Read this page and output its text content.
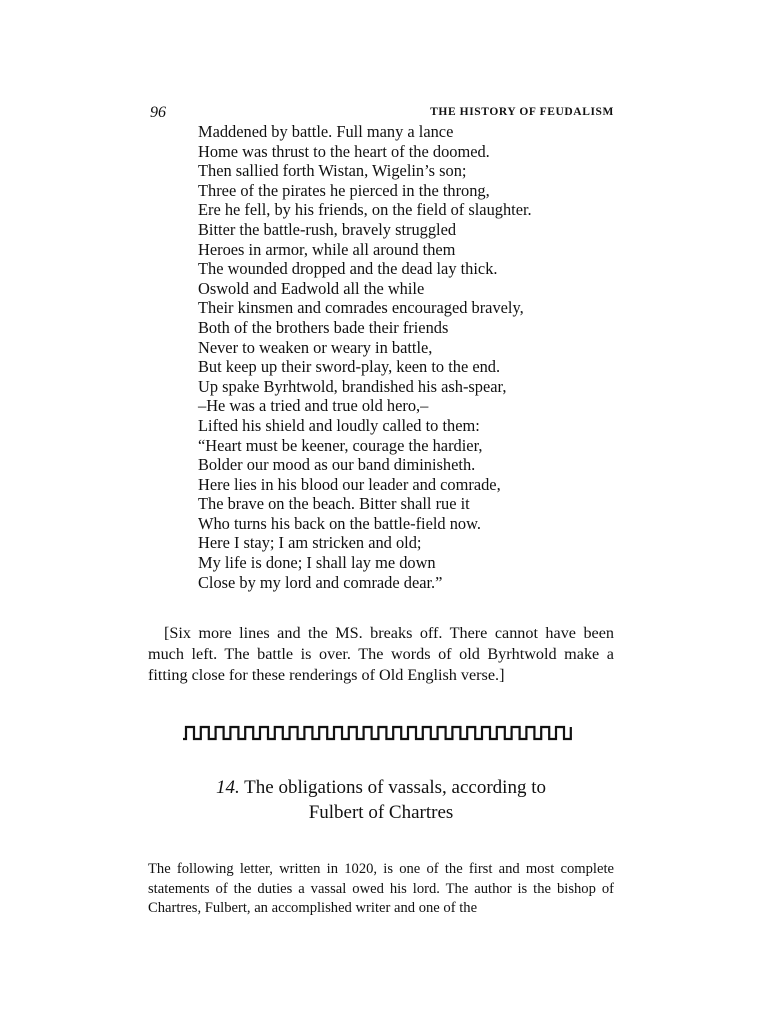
96	THE HISTORY OF FEUDALISM
Maddened by battle. Full many a lance
Home was thrust to the heart of the doomed.
Then sallied forth Wistan, Wigelin’s son;
Three of the pirates he pierced in the throng,
Ere he fell, by his friends, on the field of slaughter.
Bitter the battle-rush, bravely struggled
Heroes in armor, while all around them
The wounded dropped and the dead lay thick.
Oswold and Eadwold all the while
Their kinsmen and comrades encouraged bravely,
Both of the brothers bade their friends
Never to weaken or weary in battle,
But keep up their sword-play, keen to the end.
Up spake Byrhtwold, brandished his ash-spear,
–He was a tried and true old hero,–
Lifted his shield and loudly called to them:
“Heart must be keener, courage the hardier,
Bolder our mood as our band diminisheth.
Here lies in his blood our leader and comrade,
The brave on the beach. Bitter shall rue it
Who turns his back on the battle-field now.
Here I stay; I am stricken and old;
My life is done; I shall lay me down
Close by my lord and comrade dear.”

[Six more lines and the MS. breaks off. There cannot have been much left. The battle is over. The words of old Byrhtwold make a fitting close for these renderings of Old English verse.]

14. The obligations of vassals, according to
Fulbert of Chartres

The following letter, written in 1020, is one of the first and most complete statements of the duties a vassal owed his lord. The author is the bishop of Chartres, Fulbert, an accomplished writer and one of the
